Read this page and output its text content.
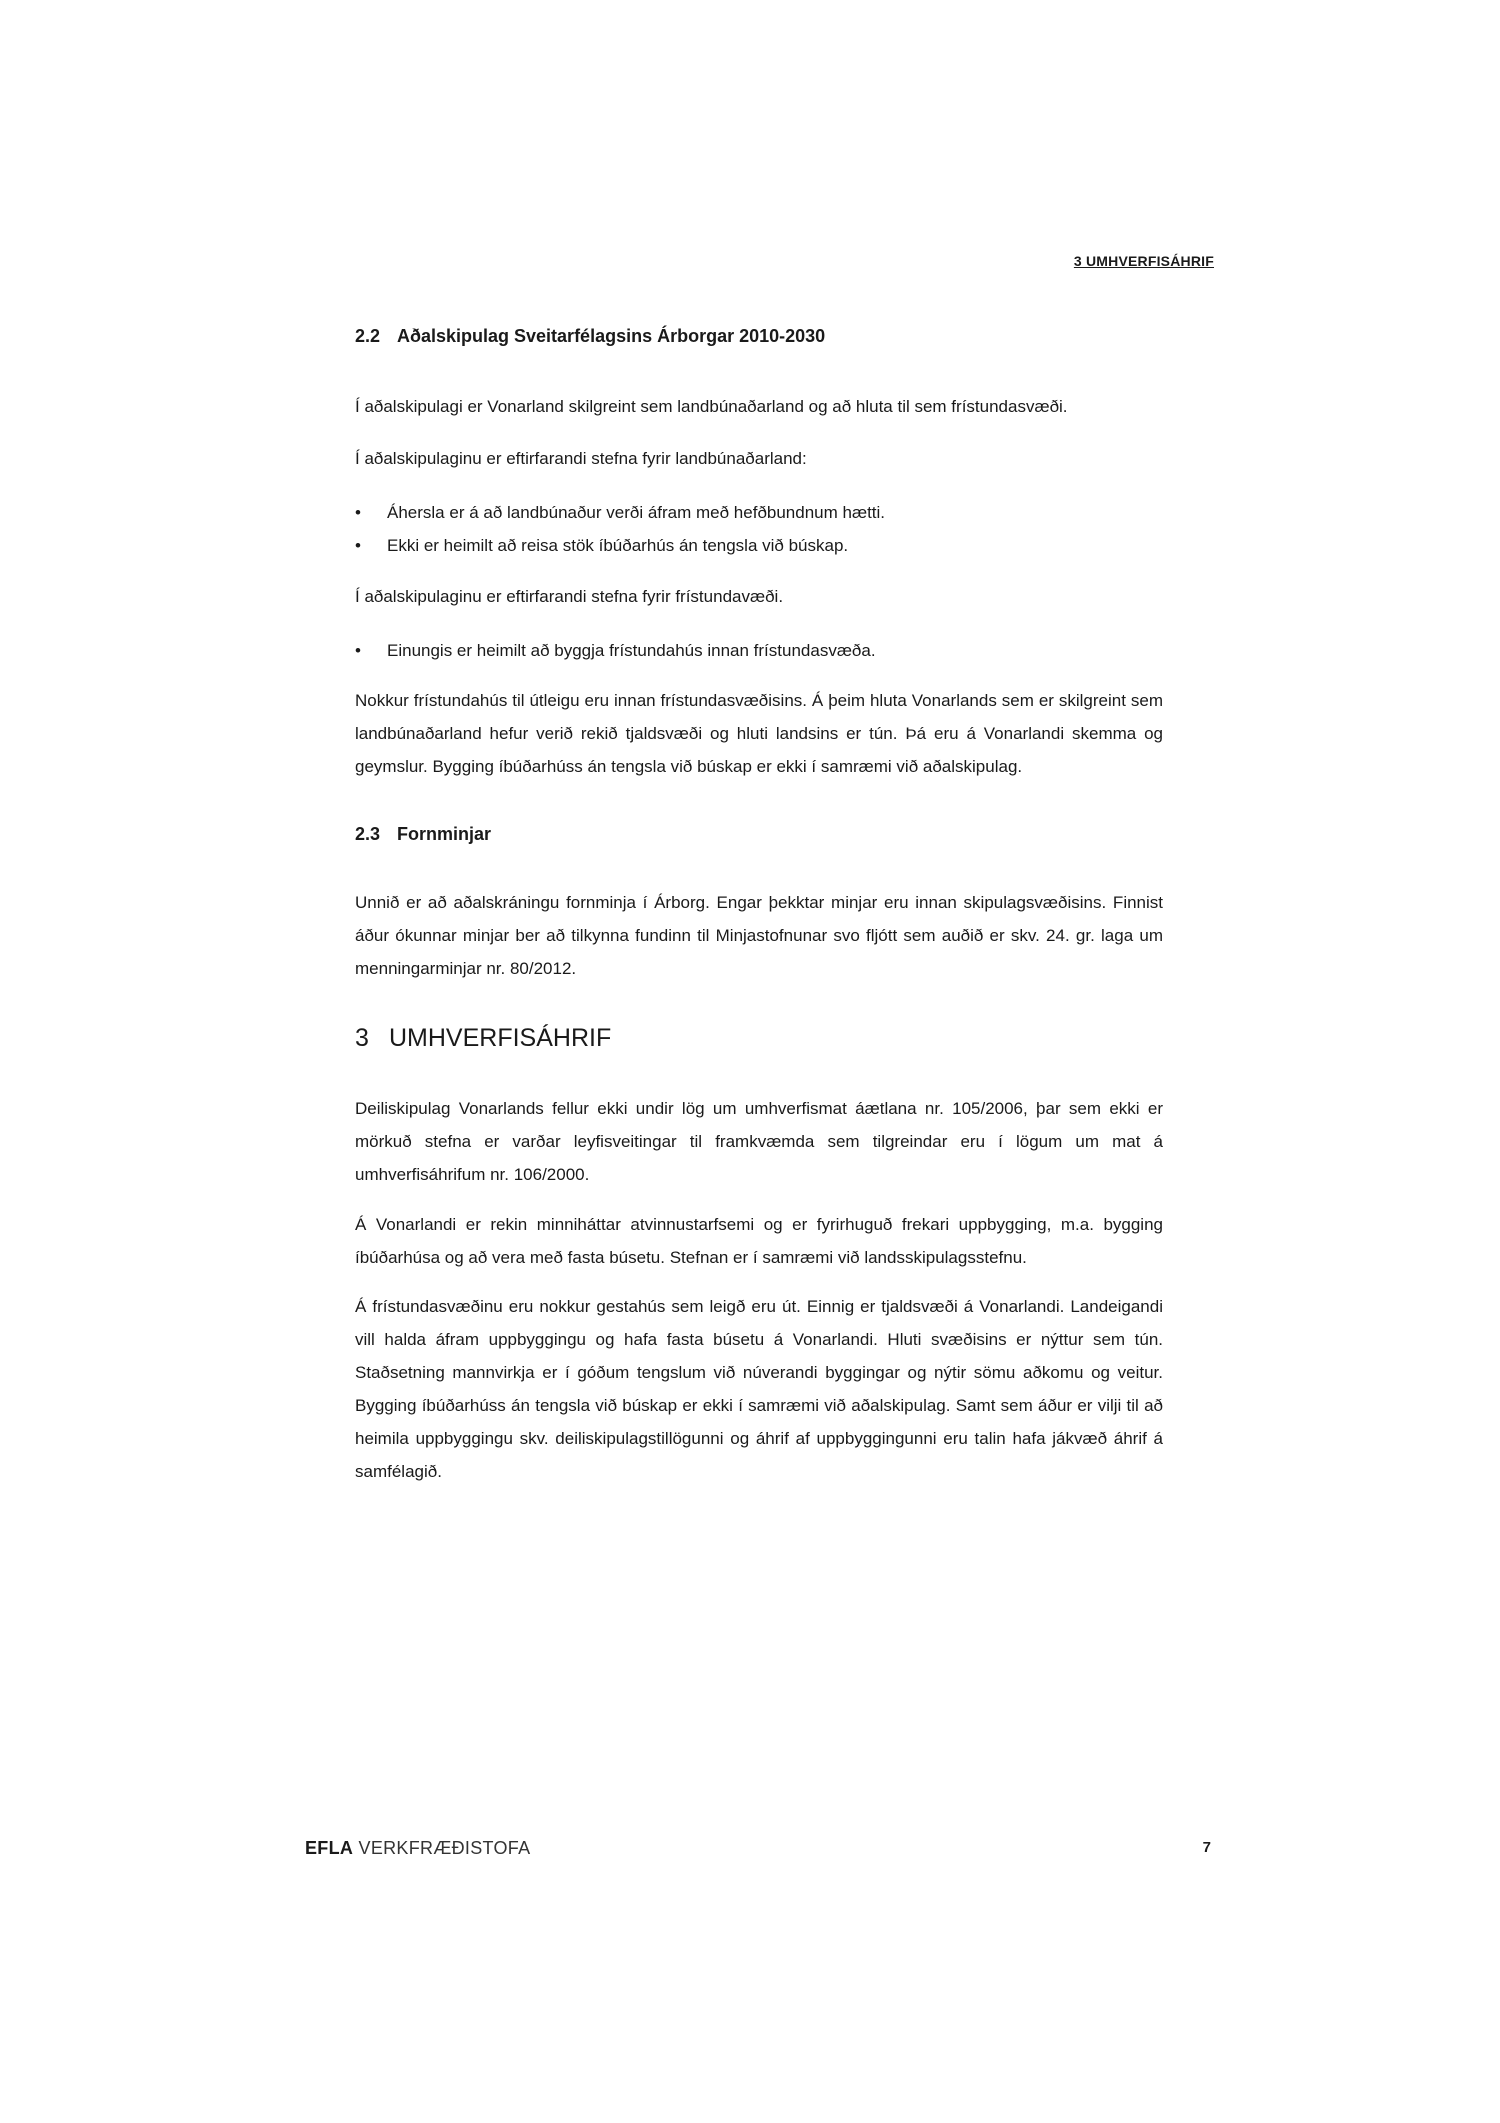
3 UMHVERFISÁHRIF
2.2 Aðalskipulag Sveitarfélagsins Árborgar 2010-2030

Í aðalskipulagi er Vonarland skilgreint sem landbúnaðarland og að hluta til sem frístundasvæði.

Í aðalskipulaginu er eftirfarandi stefna fyrir landbúnaðarland:

• Áhersla er á að landbúnaður verði áfram með hefðbundnum hætti.
• Ekki er heimilt að reisa stök íbúðarhús án tengsla við búskap.

Í aðalskipulaginu er eftirfarandi stefna fyrir frístundavæði.

• Einungis er heimilt að byggja frístundahús innan frístundasvæða.

Nokkur frístundahús til útleigu eru innan frístundasvæðisins. Á þeim hluta Vonarlands sem er skilgreint sem landbúnaðarland hefur verið rekið tjaldsvæði og hluti landsins er tún. Þá eru á Vonarlandi skemma og geymslur. Bygging íbúðarhúss án tengsla við búskap er ekki í samræmi við aðalskipulag.

2.3 Fornminjar

Unnið er að aðalskráningu fornminja í Árborg. Engar þekktar minjar eru innan skipulagsvæðisins. Finnist áður ókunnar minjar ber að tilkynna fundinn til Minjastofnunar svo fljótt sem auðið er skv. 24. gr. laga um menningarminjar nr. 80/2012.

3 UMHVERFISÁHRIF

Deiliskipulag Vonarlands fellur ekki undir lög um umhverfismat áætlana nr. 105/2006, þar sem ekki er mörkuð stefna er varðar leyfisveitingar til framkvæmda sem tilgreindar eru í lögum um mat á umhverfisáhrifum nr. 106/2000.

Á Vonarlandi er rekin minniháttar atvinnustarfsemi og er fyrirhuguð frekari uppbygging, m.a. bygging íbúðarhúsa og að vera með fasta búsetu. Stefnan er í samræmi við landsskipulagsstefnu.

Á frístundasvæðinu eru nokkur gestahús sem leigð eru út. Einnig er tjaldsvæði á Vonarlandi. Landeigandi vill halda áfram uppbyggingu og hafa fasta búsetu á Vonarlandi. Hluti svæðisins er nýttur sem tún. Staðsetning mannvirkja er í góðum tengslum við núverandi byggingar og nýtir sömu aðkomu og veitur. Bygging íbúðarhúss án tengsla við búskap er ekki í samræmi við aðalskipulag. Samt sem áður er vilji til að heimila uppbyggingu skv. deiliskipulagstillögunni og áhrif af uppbyggingunni eru talin hafa jákvæð áhrif á samfélagið.

EFLA VERKFRÆÐISTOFA	7
